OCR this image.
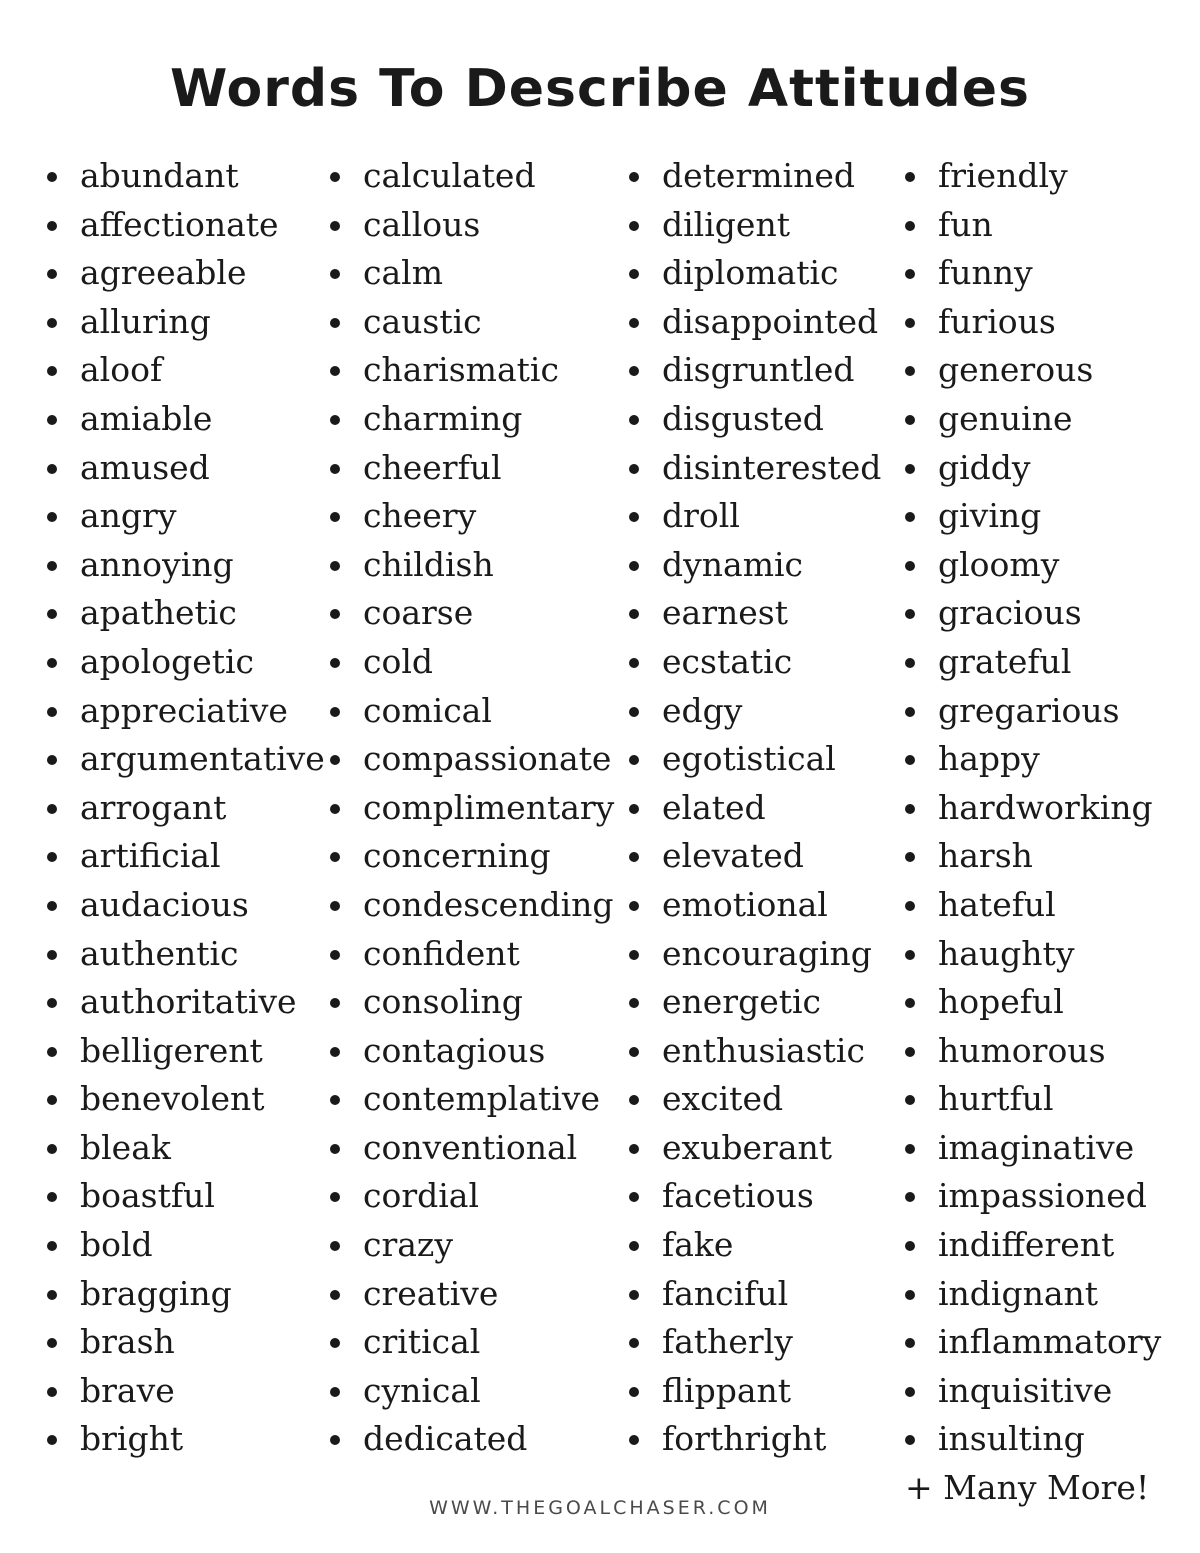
Words To Describe Attitudes
abundant
affectionate
agreeable
alluring
aloof
amiable
amused
angry
annoying
apathetic
apologetic
appreciative
argumentative
arrogant
artificial
audacious
authentic
authoritative
belligerent
benevolent
bleak
boastful
bold
bragging
brash
brave
bright
calculated
callous
calm
caustic
charismatic
charming
cheerful
cheery
childish
coarse
cold
comical
compassionate
complimentary
concerning
condescending
confident
consoling
contagious
contemplative
conventional
cordial
crazy
creative
critical
cynical
dedicated
determined
diligent
diplomatic
disappointed
disgruntled
disgusted
disinterested
droll
dynamic
earnest
ecstatic
edgy
egotistical
elated
elevated
emotional
encouraging
energetic
enthusiastic
excited
exuberant
facetious
fake
fanciful
fatherly
flippant
forthright
friendly
fun
funny
furious
generous
genuine
giddy
giving
gloomy
gracious
grateful
gregarious
happy
hardworking
harsh
hateful
haughty
hopeful
humorous
hurtful
imaginative
impassioned
indifferent
indignant
inflammatory
inquisitive
insulting
+ Many More!
WWW.THEGOALCHASER.COM
